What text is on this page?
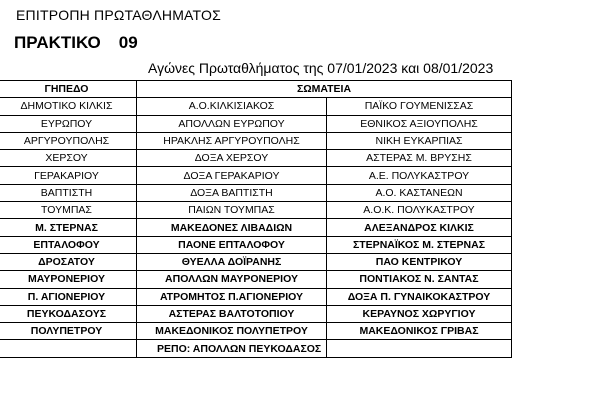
ΕΠΙΤΡΟΠΗ ΠΡΩΤΑΘΛΗΜΑΤΟΣ
ΠΡΑΚΤΙΚΟ 09
Αγώνες Πρωταθλήματος της 07/01/2023 και 08/01/2023
	ΓΗΠΕΔΟ	ΣΩΜΑΤΕΙΑ	
	ΔΗΜΟΤΙΚΟ ΚΙΛΚΙΣ	Α.Ο.ΚΙΛΚΙΣΙΑΚΟΣ	ΠΑΪΚΟ ΓΟΥΜΕΝΙΣΣΑΣ
	ΕΥΡΩΠΟΥ	ΑΠΟΛΛΩΝ ΕΥΡΩΠΟΥ	ΕΘΝΙΚΟΣ ΑΞΙΟΥΠΟΛΗΣ
	ΑΡΓΥΡΟΥΠΟΛΗΣ	ΗΡΑΚΛΗΣ ΑΡΓΥΡΟΥΠΟΛΗΣ	ΝΙΚΗ ΕΥΚΑΡΠΙΑΣ
	ΧΕΡΣΟΥ	ΔΟΞΑ ΧΕΡΣΟΥ	ΑΣΤΕΡΑΣ Μ. ΒΡΥΣΗΣ
	ΓΕΡΑΚΑΡΙΟΥ	ΔΟΞΑ ΓΕΡΑΚΑΡΙΟΥ	Α.Ε. ΠΟΛΥΚΑΣΤΡΟΥ
	ΒΑΠΤΙΣΤΗ	ΔΟΞΑ ΒΑΠΤΙΣΤΗ	Α.Ο. ΚΑΣΤΑΝΕΩΝ
	ΤΟΥΜΠΑΣ	ΠΑΙΩΝ ΤΟΥΜΠΑΣ	Α.Ο.Κ. ΠΟΛΥΚΑΣΤΡΟΥ
	Μ. ΣΤΕΡΝΑΣ	ΜΑΚΕΔΟΝΕΣ ΛΙΒΑΔΙΩΝ	ΑΛΕΞΑΝΔΡΟΣ ΚΙΛΚΙΣ
	ΕΠΤΑΛΟΦΟΥ	ΠΑΟΝΕ ΕΠΤΑΛΟΦΟΥ	ΣΤΕΡΝΑΪΚΟΣ Μ. ΣΤΕΡΝΑΣ
	ΔΡΟΣΑΤΟΥ	ΘΥΕΛΛΑ ΔΟΪΡΑΝΗΣ	ΠΑΟ ΚΕΝΤΡΙΚΟΥ
	ΜΑΥΡΟΝΕΡΙΟΥ	ΑΠΟΛΛΩΝ ΜΑΥΡΟΝΕΡΙΟΥ	ΠΟΝΤΙΑΚΟΣ Ν. ΣΑΝΤΑΣ
	Π. ΑΓΙΟΝΕΡΙΟΥ	ΑΤΡΟΜΗΤΟΣ Π.ΑΓΙΟΝΕΡΙΟΥ	ΔΟΞΑ Π. ΓΥΝΑΙΚΟΚΑΣΤΡΟΥ
	ΠΕΥΚΟΔΑΣΟΥΣ	ΑΣΤΕΡΑΣ ΒΑΛΤΟΤΟΠΙΟΥ	ΚΕΡΑΥΝΟΣ ΧΩΡΥΓΙΟΥ
	ΠΟΛΥΠΕΤΡΟΥ	ΜΑΚΕΔΟΝΙΚΟΣ ΠΟΛΥΠΕΤΡΟΥ	ΜΑΚΕΔΟΝΙΚΟΣ ΓΡΙΒΑΣ
		ΡΕΠΟ: ΑΠΟΛΛΩΝ ΠΕΥΚΟΔΑΣΟΣ	
